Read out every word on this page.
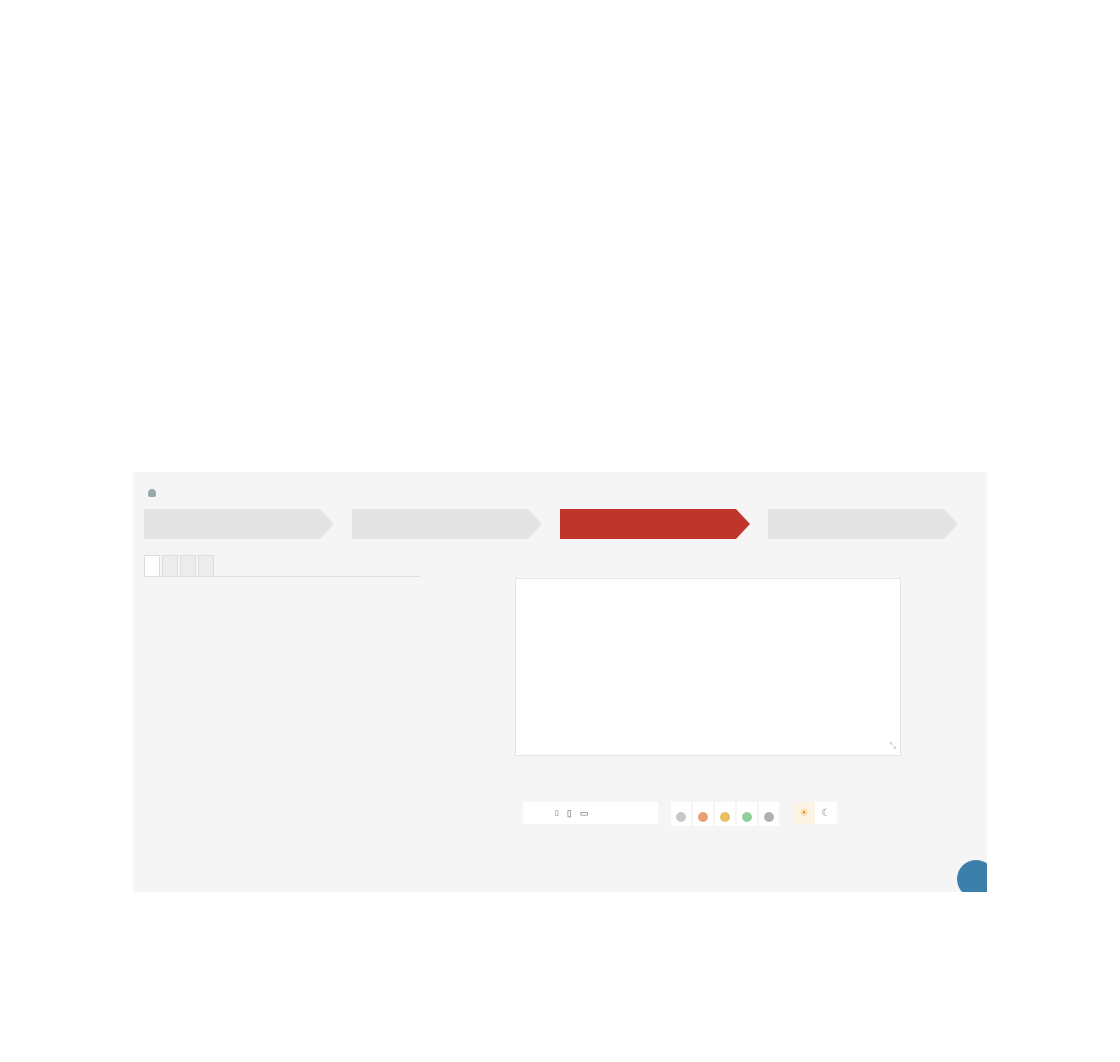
⤡
▯ ▯ ▭	☀	☾
